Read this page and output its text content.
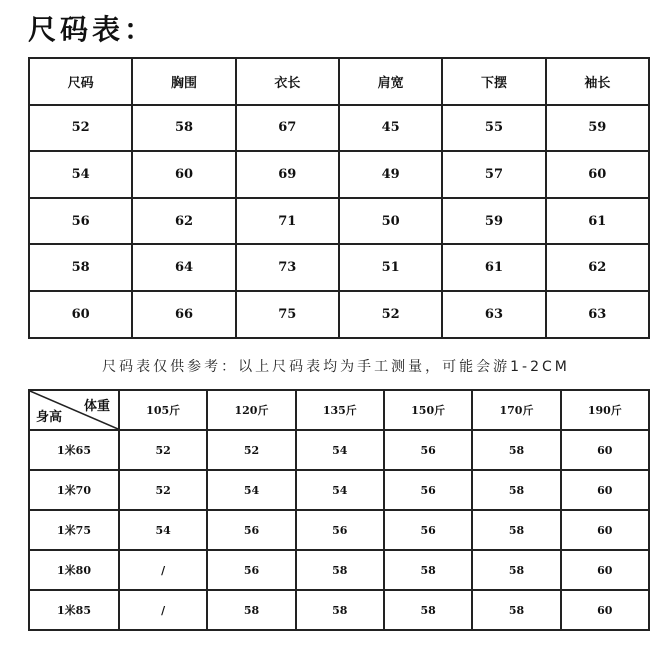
尺码表：
尺码	胸围	衣长	肩宽	下摆	袖长
52	58	67	45	55	59
54	60	69	49	57	60
56	62	71	50	59	61
58	64	73	51	61	62
60	66	75	52	63	63
尺码表仅供参考：以上尺码表均为手工测量，可能会游1-2CM
体重
身高	105斤	120斤	135斤	150斤	170斤	190斤
1米65	52	52	54	56	58	60
1米70	52	54	54	56	58	60
1米75	54	56	56	56	58	60
1米80	/	56	58	58	58	60
1米85	/	58	58	58	58	60
